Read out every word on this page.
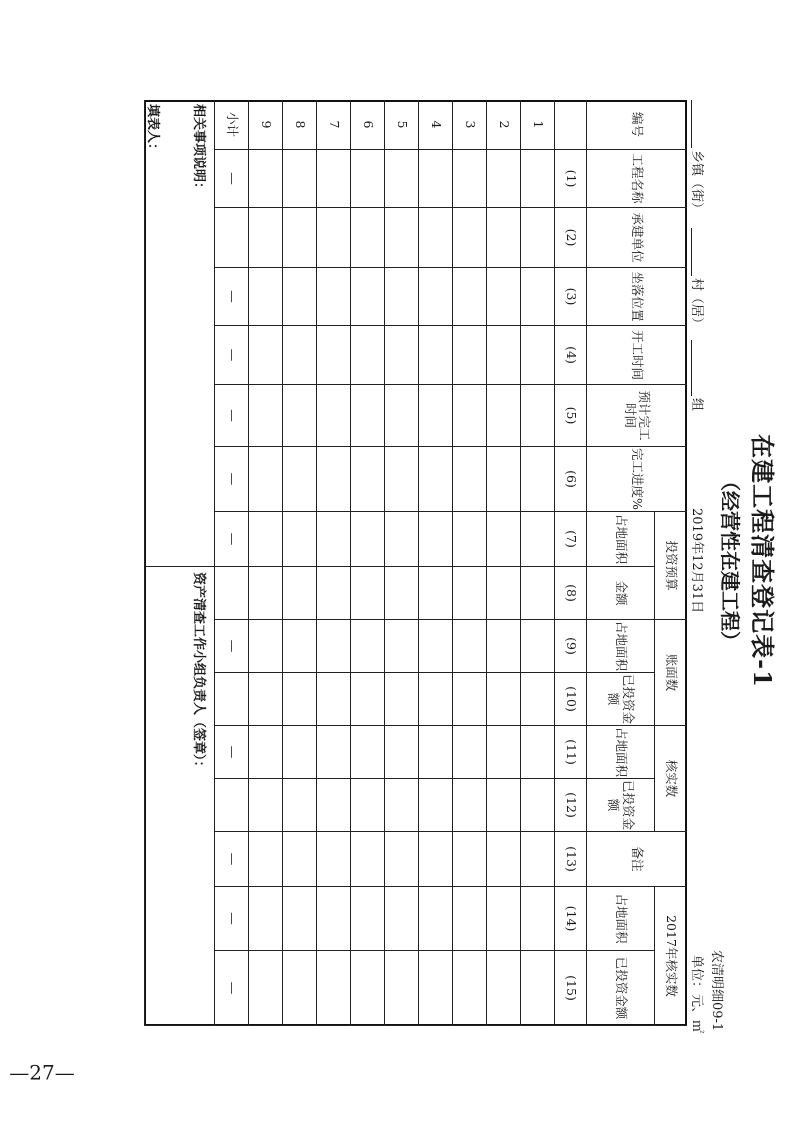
在建工程清查登记表-1
（经营性在建工程）
乡镇（街）
村（居）
组
2019年12月31日
单位：元、㎡ 农清明细09-1
相关事项说明：
资产清查工作小组负责人（签章）：
填表人：
—27—
编号
工程名称
承建单位
坐落位置
开工时间
预计完工时间
完工进度%
备注
投资预算
账面数
核实数
2017年核实数
占地面积
金额
占地面积
已投资金额
占地面积
已投资金额
占地面积
已投资金额
(1)
(2)
(3)
(4)
(5)
(6)
(7)
(8)
(9)
(10)
(11)
(12)
(13)
(14)
(15)
1
2
3
4
5
6
7
8
9
小计
—
—
—
—
—
—
—
—
—
—
—
